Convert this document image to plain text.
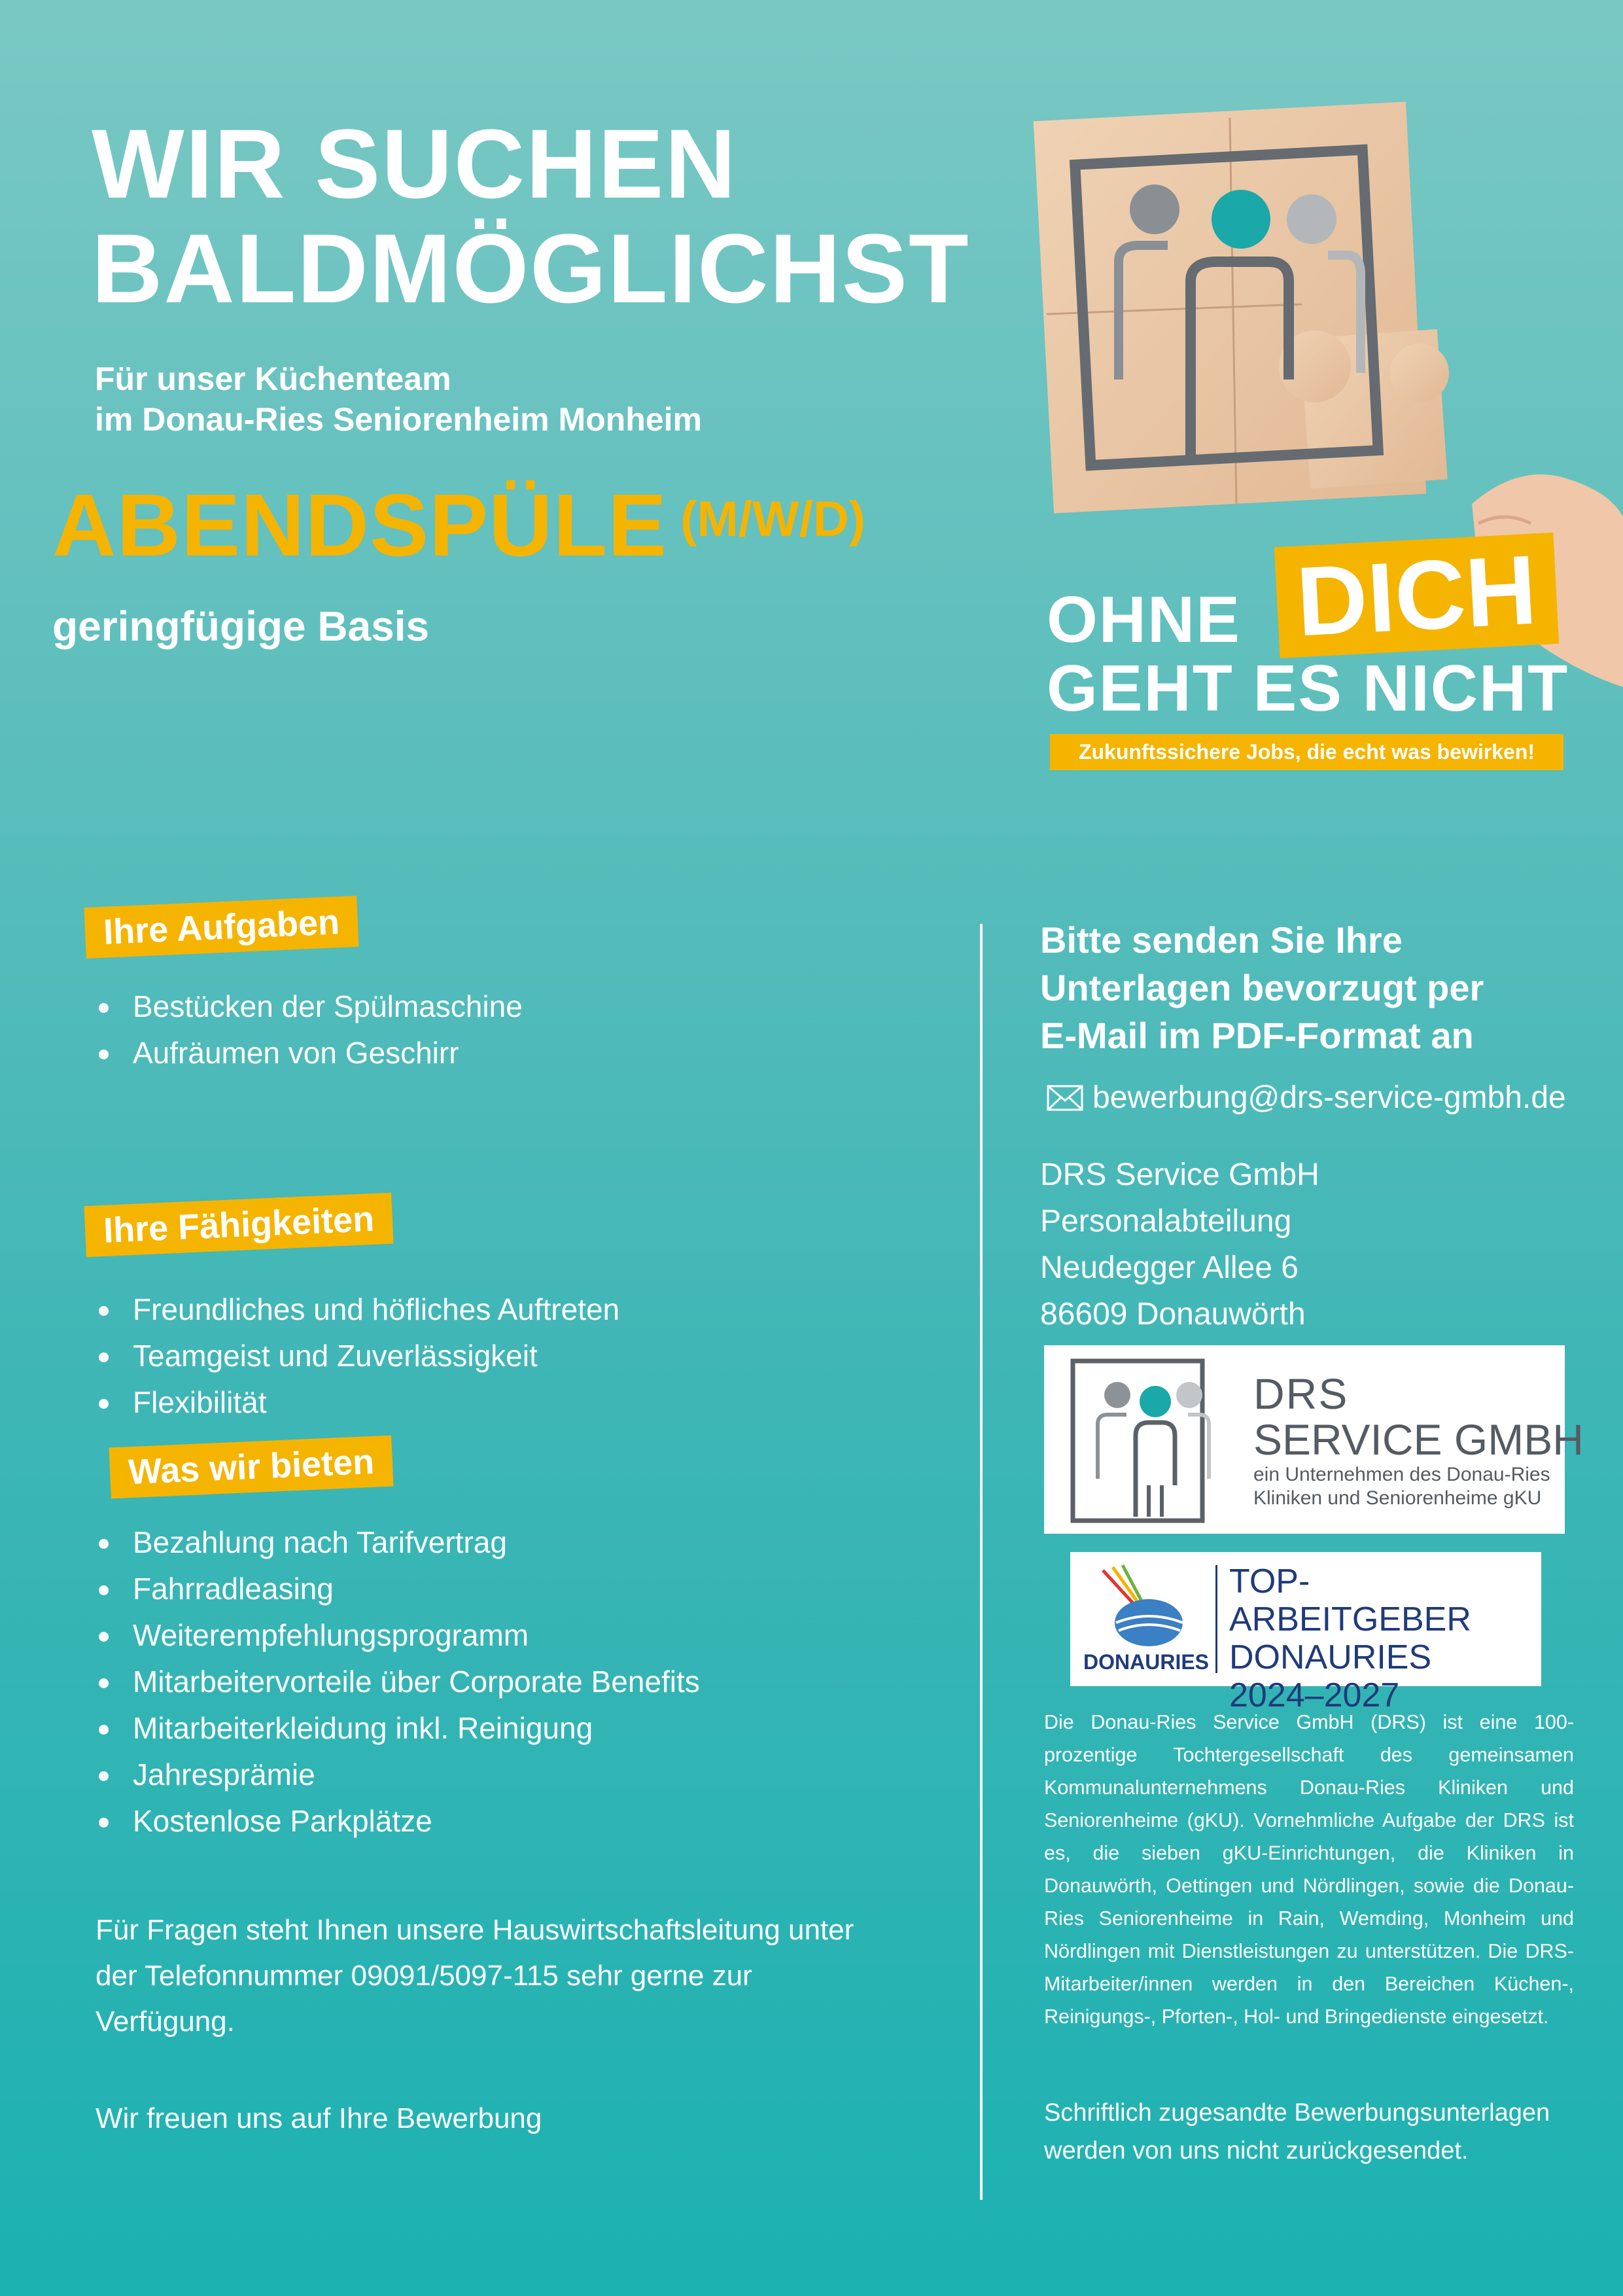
WIR SUCHEN
BALDMÖGLICHST
Für unser Küchenteam
im Donau-Ries Seniorenheim Monheim
ABENDSPÜLE (M/W/D)
geringfügige Basis	OHNE DICH
GEHT ES NICHT
Zukunftssichere Jobs, die echt was bewirken!
Ihre Aufgaben
Bestücken der Spülmaschine
Aufräumen von Geschirr
Ihre Fähigkeiten
Freundliches und höfliches Auftreten
Teamgeist und Zuverlässigkeit
Flexibilität
Was wir bieten
Bezahlung nach Tarifvertrag
Fahrradleasing
Weiterempfehlungsprogramm
Mitarbeitervorteile über Corporate Benefits
Mitarbeiterkleidung inkl. Reinigung
Jahresprämie
Kostenlose Parkplätze
Für Fragen steht Ihnen unsere Hauswirtschaftsleitung unter
der Telefonnummer 09091/5097-115 sehr gerne zur
Verfügung.
Wir freuen uns auf Ihre Bewerbung
Bitte senden Sie Ihre
Unterlagen bevorzugt per
E-Mail im PDF-Format an
bewerbung@drs-service-gmbh.de
DRS Service GmbH
Personalabteilung
Neudegger Allee 6
86609 Donauwörth
DRS
SERVICE GMBH
ein Unternehmen des Donau-Ries
Kliniken und Seniorenheime gKU
DONAURIES
TOP-ARBEITGEBER
DONAURIES
2024–2027
Die Donau-Ries Service GmbH (DRS) ist eine 100- prozentige Tochtergesellschaft des gemeinsamen Kommunalunternehmens Donau-Ries Kliniken und Seniorenheime (gKU). Vornehmliche Aufgabe der DRS ist es, die sieben gKU-Einrichtungen, die Kliniken in Donauwörth, Oettingen und Nördlingen, sowie die Donau-Ries Seniorenheime in Rain, Wemding, Monheim und Nördlingen mit Dienstleistungen zu unterstützen. Die DRS-Mitarbeiter/innen werden in den Bereichen Küchen-, Reinigungs-, Pforten-, Hol- und Bringedienste eingesetzt.
Schriftlich zugesandte Bewerbungsunterlagen
werden von uns nicht zurückgesendet.
